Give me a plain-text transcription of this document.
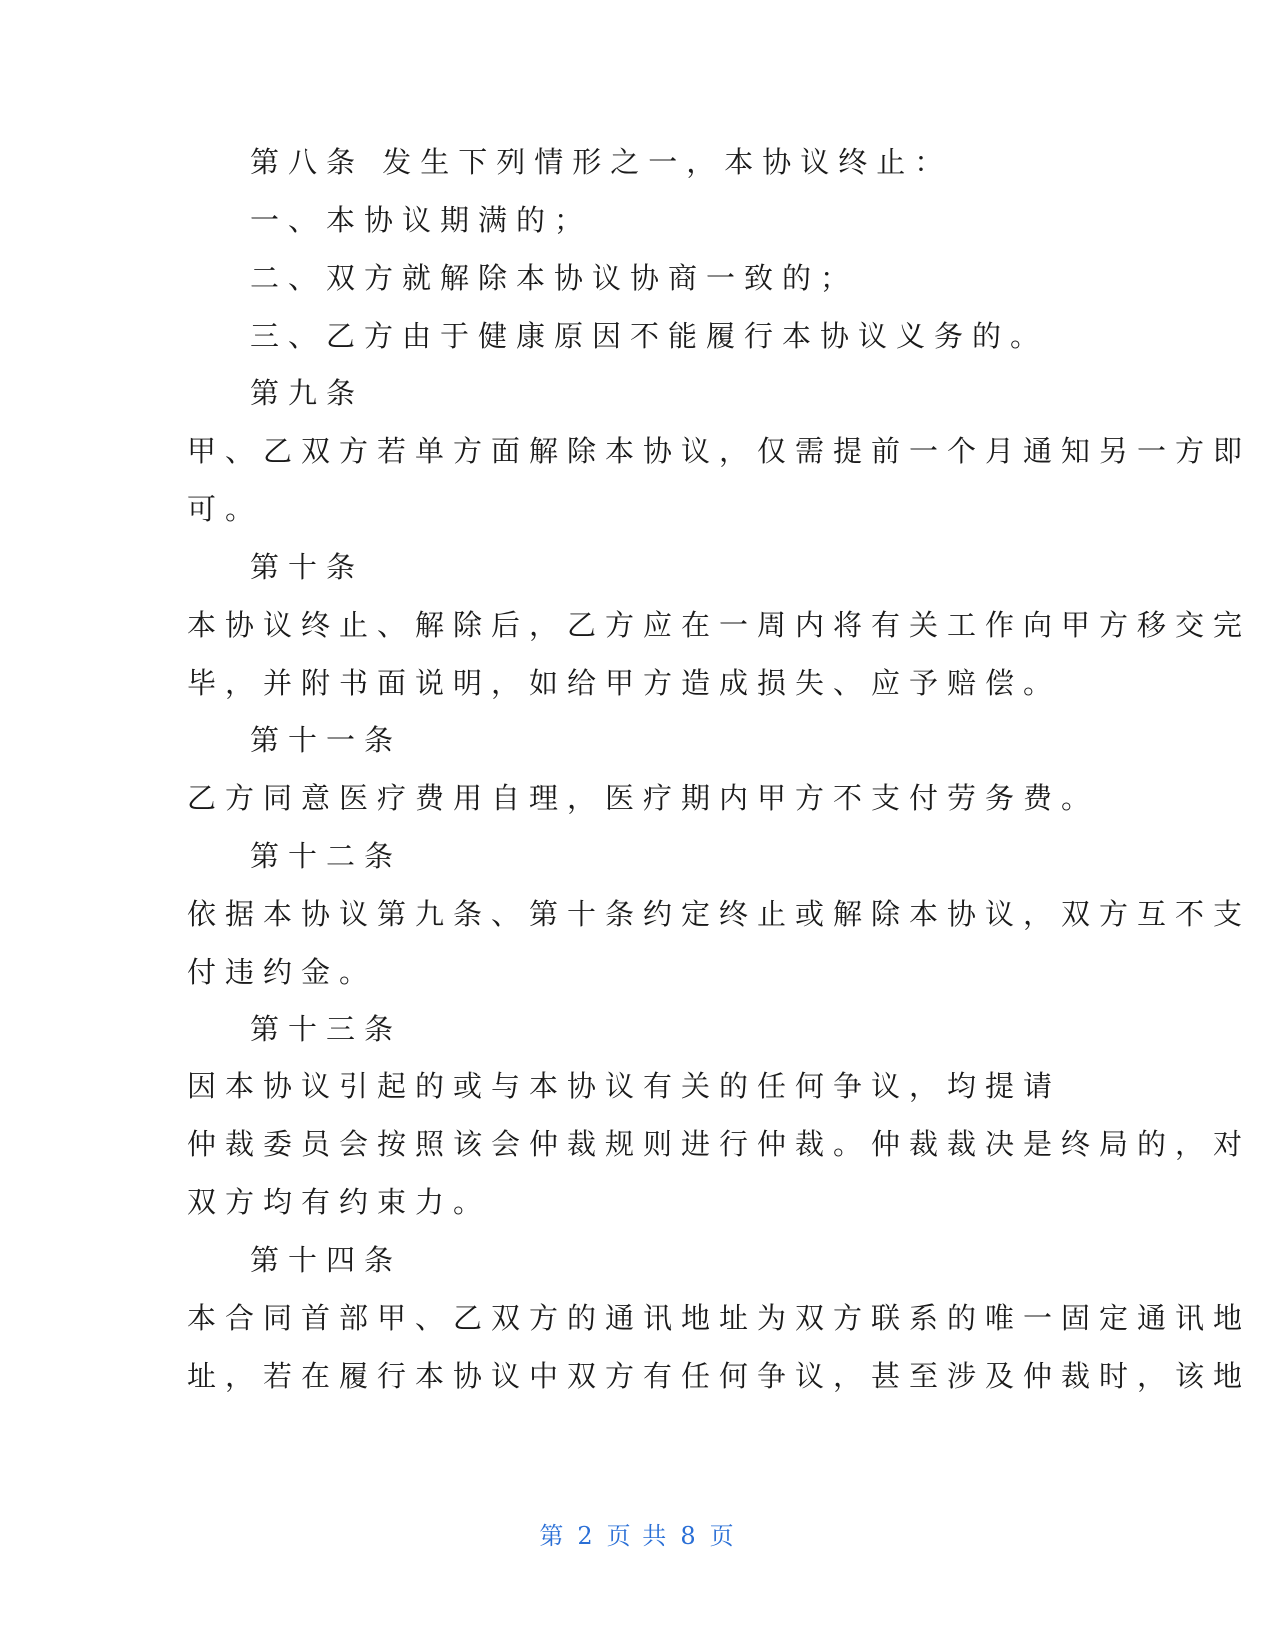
第八条 发生下列情形之一，本协议终止：
一、本协议期满的；
二、双方就解除本协议协商一致的；
三、乙方由于健康原因不能履行本协议义务的。
第九条
甲、乙双方若单方面解除本协议，仅需提前一个月通知另一方即
可。
第十条
本协议终止、解除后，乙方应在一周内将有关工作向甲方移交完
毕，并附书面说明，如给甲方造成损失、应予赔偿。
第十一条
乙方同意医疗费用自理，医疗期内甲方不支付劳务费。
第十二条
依据本协议第九条、第十条约定终止或解除本协议，双方互不支
付违约金。
第十三条
因本协议引起的或与本协议有关的任何争议，均提请
仲裁委员会按照该会仲裁规则进行仲裁。仲裁裁决是终局的，对
双方均有约束力。
第十四条
本合同首部甲、乙双方的通讯地址为双方联系的唯一固定通讯地
址，若在履行本协议中双方有任何争议，甚至涉及仲裁时，该地
第 2 页 共 8 页
